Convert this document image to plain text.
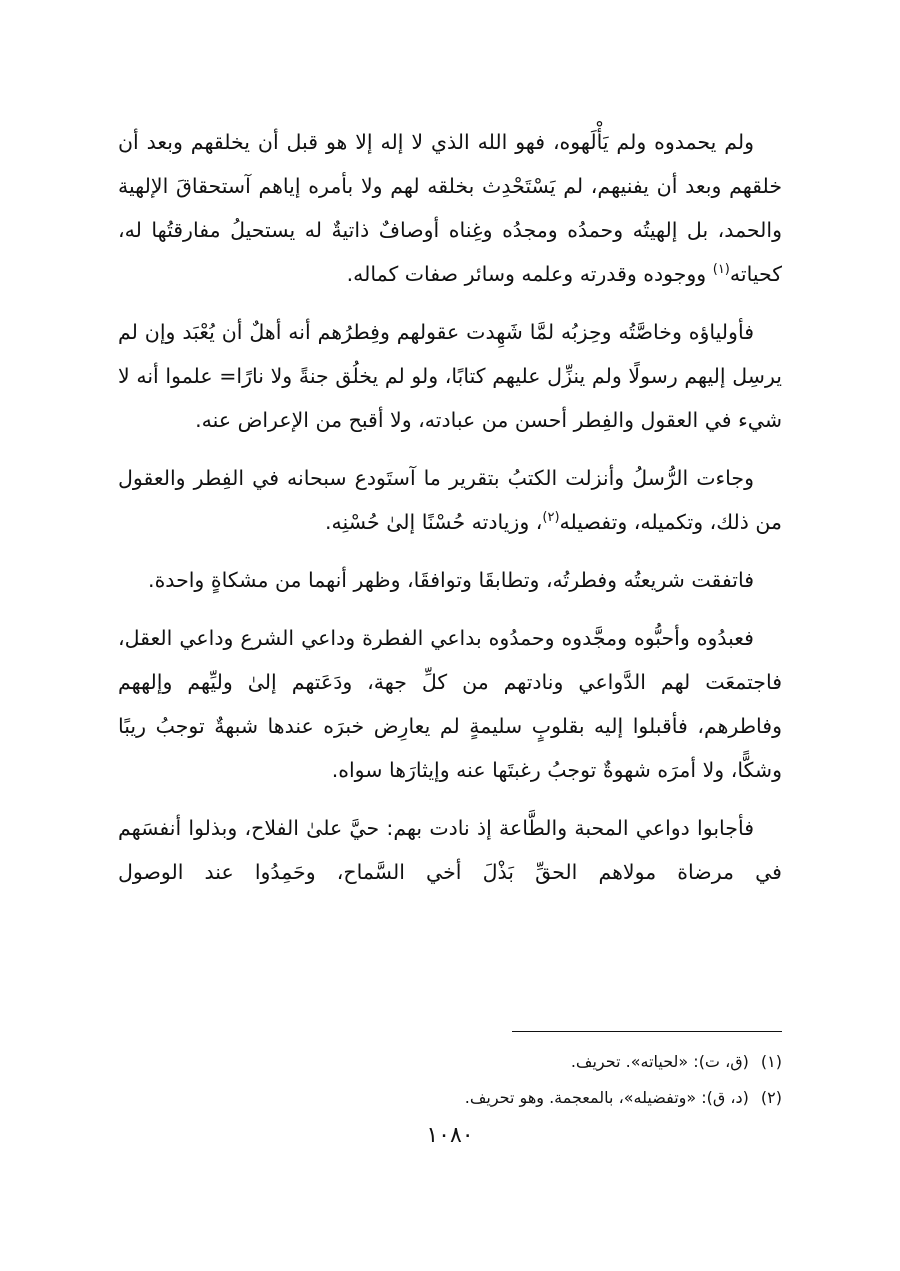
ولم يحمدوه ولم يَأْلَهوه، فهو الله الذي لا إله إلا هو قبل أن يخلقهم وبعد أن خلقهم وبعد أن يفنيهم، لم يَسْتَحْدِث بخلقه لهم ولا بأمره إياهم آستحقاقَ الإلهية والحمد، بل إلهيتُه وحمدُه ومجدُه وغِناه أوصافٌ ذاتيةٌ له يستحيلُ مفارقتُها له، كحياته$^{(١)}$ ووجوده وقدرته وعلمه وسائر صفات كماله.

فأولياؤه وخاصَّتُه وحِزبُه لمَّا شَهِدت عقولهم وفِطرُهم أنه أهلٌ أن يُعْبَد وإن لم يرسِل إليهم رسولًا ولم ينزِّل عليهم كتابًا، ولو لم يخلُق جنةً ولا نارًا= علموا أنه لا شيء في العقول والفِطر أحسن من عبادته، ولا أقبح من الإعراض عنه.

وجاءت الرُّسلُ وأنزلت الكتبُ بتقرير ما آستَودع سبحانه في الفِطر والعقول من ذلك، وتكميله، وتفصيله$^{(٢)}$، وزيادته حُسْنًا إلىٰ حُسْنِه.

فاتفقت شريعتُه وفطرتُه، وتطابقَا وتوافقَا، وظهر أنهما من مشكاةٍ واحدة.

فعبدُوه وأحبُّوه ومجَّدوه وحمدُوه بداعي الفطرة وداعي الشرع وداعي العقل، فاجتمعَت لهم الدَّواعي ونادتهم من كلِّ جهة، ودَعَتهم إلىٰ وليِّهم وإلههم وفاطرهم، فأقبلوا إليه بقلوبٍ سليمةٍ لم يعارِض خبرَه عندها شبهةٌ توجبُ ريبًا وشكًّا، ولا أمرَه شهوةٌ توجبُ رغبتَها عنه وإيثارَها سواه.

فأجابوا دواعي المحبة والطَّاعة إذ نادت بهم: حيَّ علىٰ الفلاح، وبذلوا أنفسَهم في مرضاة مولاهم الحقِّ بَذْلَ أخي السَّماح، وحَمِدُوا عند الوصول

(١)(ق، ت): «لحياته». تحريف.

(٢)(د، ق): «وتفضيله»، بالمعجمة. وهو تحريف.

١٠٨٠
